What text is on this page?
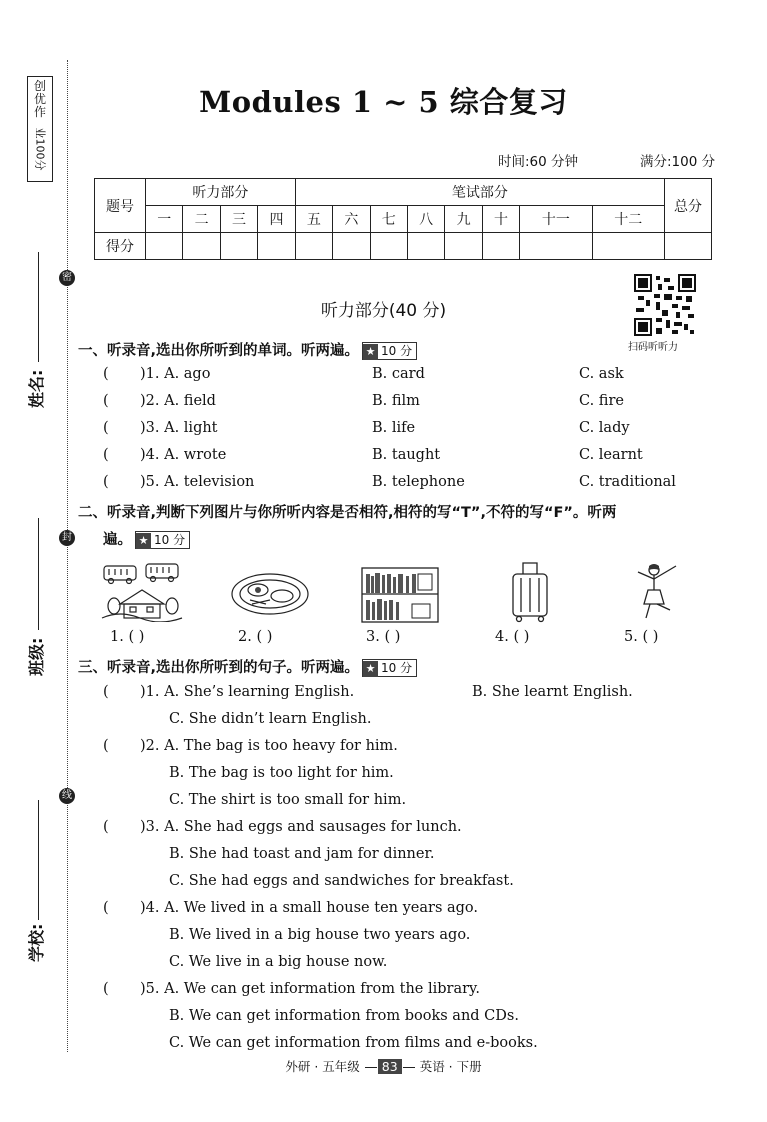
创
优
作
业100分
密
封
线
姓名:
班级:
学校:
Modules 1 ~ 5 综合复习
时间:60 分钟	满分:100 分
题号	听力部分				笔试部分								总分
	一	二	三	四	五	六	七	八	九	十	十一	十二	
得分													
扫码听听力
听力部分(40 分)
一、听录音,选出你所听到的单词。听两遍。 ★ 10 分
( )1. A. ago	B. card	C. ask
( )2. A. field	B. film	C. fire
( )3. A. light	B. life	C. lady
( )4. A. wrote	B. taught	C. learnt
( )5. A. television	B. telephone	C. traditional
二、听录音,判断下列图片与你所听内容是否相符,相符的写“T”,不符的写“F”。听两
遍。 ★ 10 分
1. ( )	2. ( )	3. ( )	4. ( )	5. ( )
三、听录音,选出你所听到的句子。听两遍。 ★ 10 分
( )1. A. She’s learning English.	B. She learnt English.
C. She didn’t learn English.
( )2. A. The bag is too heavy for him.
B. The bag is too light for him.
C. The shirt is too small for him.
( )3. A. She had eggs and sausages for lunch.
B. She had toast and jam for dinner.
C. She had eggs and sandwiches for breakfast.
( )4. A. We lived in a small house ten years ago.
B. We lived in a big house two years ago.
C. We live in a big house now.
( )5. A. We can get information from the library.
B. We can get information from books and CDs.
C. We can get information from films and e-books.
外研 · 五年级 83 英语 · 下册
